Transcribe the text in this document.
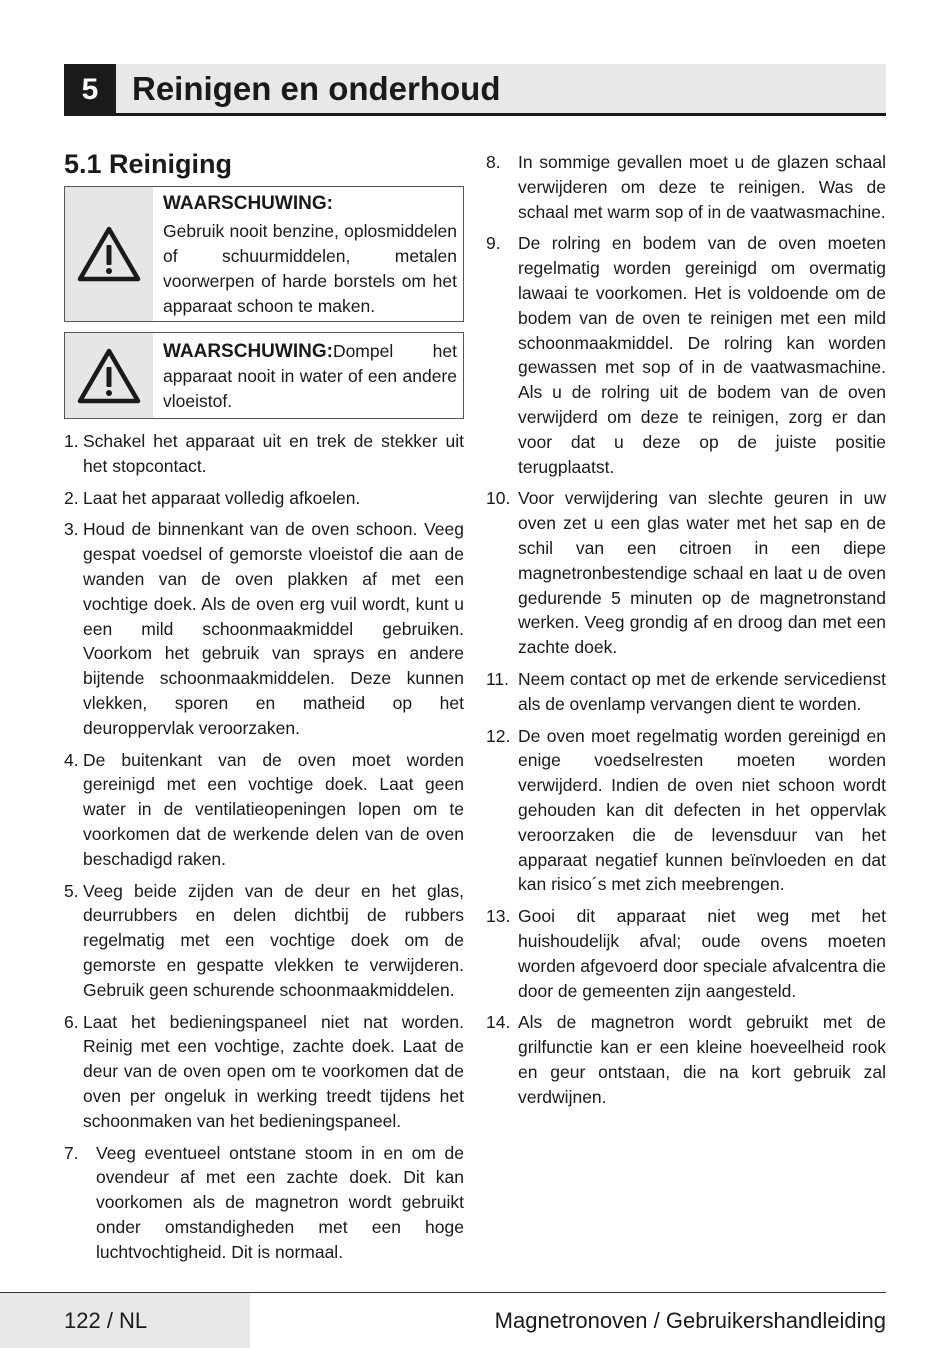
5	Reinigen en onderhoud
5.1 Reiniging
WAARSCHUWING:
Gebruik nooit benzine, oplosmiddelen of schuurmiddelen, metalen voorwerpen of harde borstels om het apparaat schoon te maken.
WAARSCHUWING:Dompel het apparaat nooit in water of een andere vloeistof.
1. Schakel het apparaat uit en trek de stekker uit het stopcontact.
2. Laat het apparaat volledig afkoelen.
3. Houd de binnenkant van de oven schoon. Veeg gespat voedsel of gemorste vloeistof die aan de wanden van de oven plakken af met een vochtige doek. Als de oven erg vuil wordt, kunt u een mild schoonmaakmiddel gebruiken. Voorkom het gebruik van sprays en andere bijtende schoonmaakmiddelen. Deze kunnen vlekken, sporen en matheid op het deuroppervlak veroorzaken.
4. De buitenkant van de oven moet worden gereinigd met een vochtige doek. Laat geen water in de ventilatieopeningen lopen om te voorkomen dat de werkende delen van de oven beschadigd raken.
5. Veeg beide zijden van de deur en het glas, deurrubbers en delen dichtbij de rubbers regelmatig met een vochtige doek om de gemorste en gespatte vlekken te verwijderen. Gebruik geen schurende schoonmaakmiddelen.
6. Laat het bedieningspaneel niet nat worden. Reinig met een vochtige, zachte doek. Laat de deur van de oven open om te voorkomen dat de oven per ongeluk in werking treedt tijdens het schoonmaken van het bedieningspaneel.
7. Veeg eventueel ontstane stoom in en om de ovendeur af met een zachte doek. Dit kan voorkomen als de magnetron wordt gebruikt onder omstandigheden met een hoge luchtvochtigheid. Dit is normaal.
8. In sommige gevallen moet u de glazen schaal verwijderen om deze te reinigen. Was de schaal met warm sop of in de vaatwasmachine.
9. De rolring en bodem van de oven moeten regelmatig worden gereinigd om overmatig lawaai te voorkomen. Het is voldoende om de bodem van de oven te reinigen met een mild schoonmaakmiddel. De rolring kan worden gewassen met sop of in de vaatwasmachine. Als u de rolring uit de bodem van de oven verwijderd om deze te reinigen, zorg er dan voor dat u deze op de juiste positie terugplaatst.
10. Voor verwijdering van slechte geuren in uw oven zet u een glas water met het sap en de schil van een citroen in een diepe magnetronbestendige schaal en laat u de oven gedurende 5 minuten op de magnetronstand werken. Veeg grondig af en droog dan met een zachte doek.
11. Neem contact op met de erkende servicedienst als de ovenlamp vervangen dient te worden.
12. De oven moet regelmatig worden gereinigd en enige voedselresten moeten worden verwijderd. Indien de oven niet schoon wordt gehouden kan dit defecten in het oppervlak veroorzaken die de levensduur van het apparaat negatief kunnen beïnvloeden en dat kan risico´s met zich meebrengen.
13. Gooi dit apparaat niet weg met het huishoudelijk afval; oude ovens moeten worden afgevoerd door speciale afvalcentra die door de gemeenten zijn aangesteld.
14. Als de magnetron wordt gebruikt met de grilfunctie kan er een kleine hoeveelheid rook en geur ontstaan, die na kort gebruik zal verdwijnen.
122 / NL	Magnetronoven / Gebruikershandleiding
